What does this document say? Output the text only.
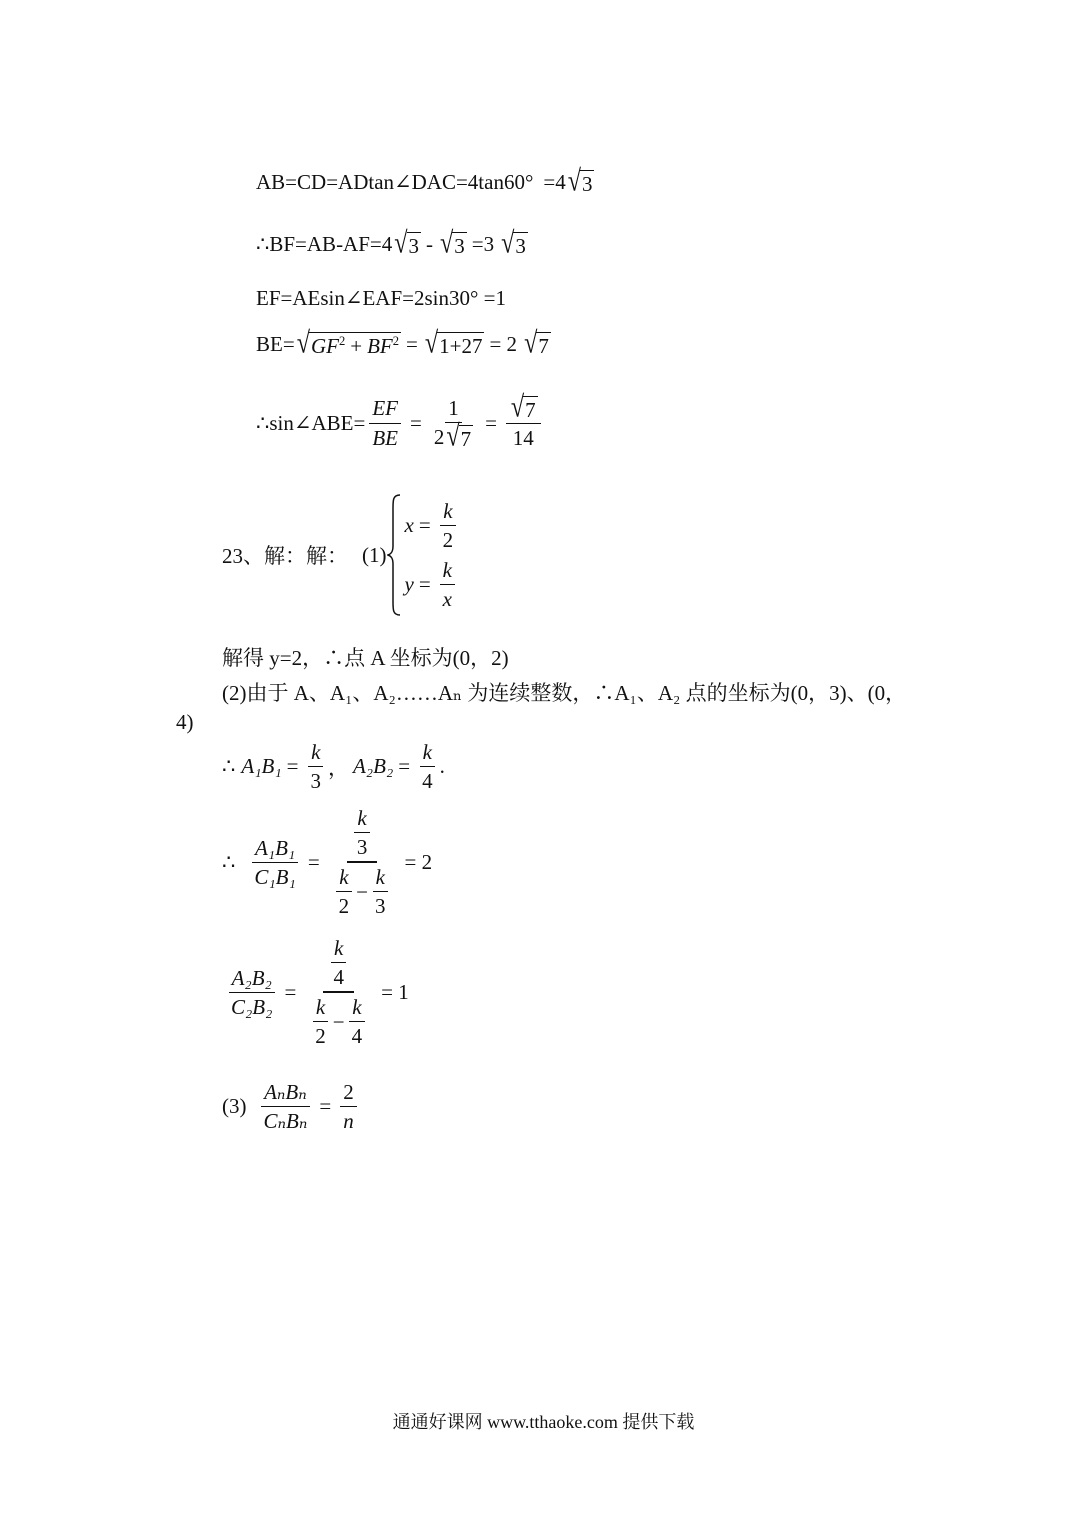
AB=CD=ADtan∠DAC=4tan60° =4 √ 3
∴BF=AB-AF=4 √ 3 - √ 3 =3 √ 3
EF=AEsin∠EAF=2sin30° =1
BE= √ $GF^2 + BF^2$ = √ 1+27 = 2 √ 7
∴sin∠ABE= $\frac{EF}{BE} = \frac{1}{2 √ 7} = \frac{√ 7}{14}$
23、解：解： (1)
$x = \frac{k}{2}$
$y = \frac{k}{x}$
解得 y=2，∴点 A 坐标为(0，2)
(2)由于 A、A₁、A₂……Aₙ 为连续整数，∴A₁、A₂ 点的坐标为(0，3)、(0，
4)
∴ $A_1B_1 = \frac{k}{3}$ ， $A_2B_2 = \frac{k}{4}$ .
∴ $\frac{\text{A₁B₁}}{\text{C₁B₁}} = \frac{\frac{k}{3}}{\frac{k}{2} - \frac{k}{3}} = 2$
$\frac{\text{A₂B₂}}{\text{C₂B₂}} = \frac{\frac{k}{4}}{\frac{k}{2} - \frac{k}{4}} = 1$
$(3) \frac{\text{AₙBₙ}}{\text{CₙBₙ}} = \frac{2}{n}$
通通好课网 www.tthaoke.com 提供下载
